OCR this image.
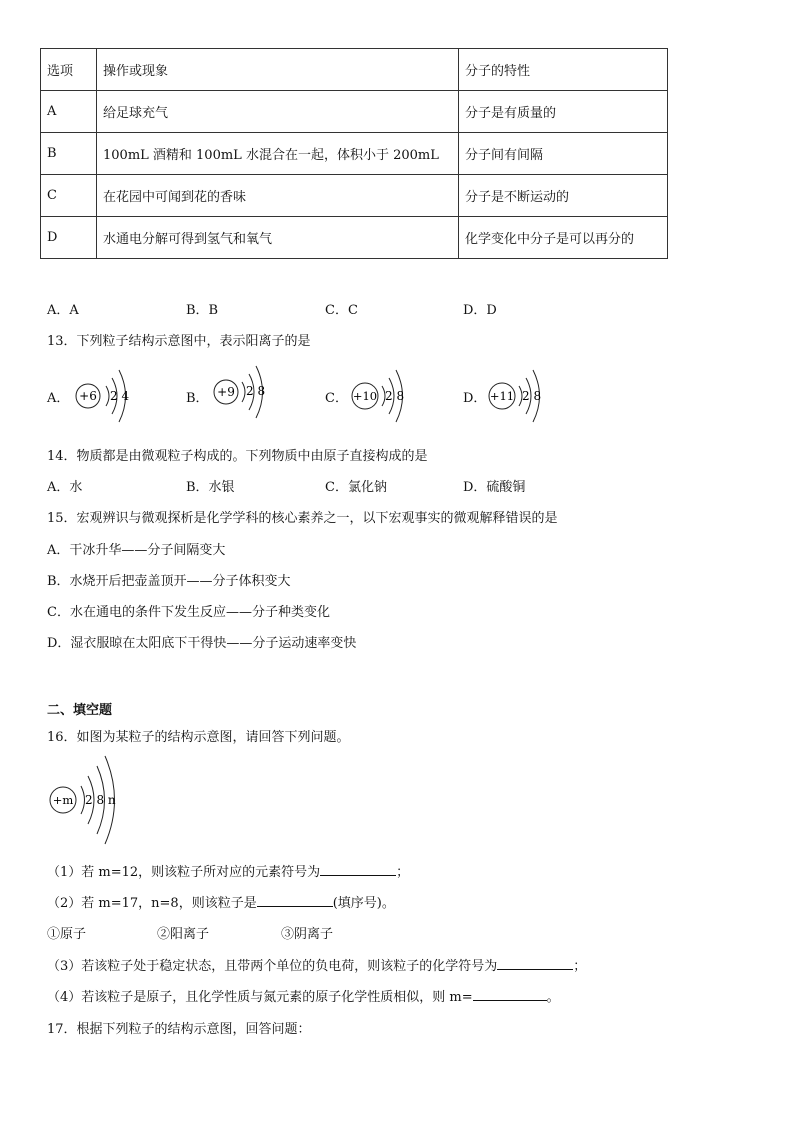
选项	操作或现象	分子的特性
A	给足球充气	分子是有质量的
B	100mL 酒精和 100mL 水混合在一起，体积小于 200mL	分子间有间隔
C	在花园中可闻到花的香味	分子是不断运动的
D	水通电分解可得到氢气和氧气	化学变化中分子是可以再分的
A．A	B．B	C．C	D．D
13．下列粒子结构示意图中，表示阳离子的是
A． +6 2 4	B． +9 2 8	C． +10 2 8	D． +11 2 8
14．物质都是由微观粒子构成的。下列物质中由原子直接构成的是
A．水	B．水银	C．氯化钠	D．硫酸铜
15．宏观辨识与微观探析是化学学科的核心素养之一，以下宏观事实的微观解释错误的是
A．干冰升华——分子间隔变大
B．水烧开后把壶盖顶开——分子体积变大
C．水在通电的条件下发生反应——分子种类变化
D．湿衣服晾在太阳底下干得快——分子运动速率变快
二、填空题
16．如图为某粒子的结构示意图，请回答下列问题。
+m 2 8 n
（1）若 m=12，则该粒子所对应的元素符号为	；
（2）若 m=17，n=8，则该粒子是	(填序号)。
①原子	②阳离子	③阴离子
（3）若该粒子处于稳定状态，且带两个单位的负电荷，则该粒子的化学符号为	；
（4）若该粒子是原子，且化学性质与氮元素的原子化学性质相似，则 m=	。
17．根据下列粒子的结构示意图，回答问题：
